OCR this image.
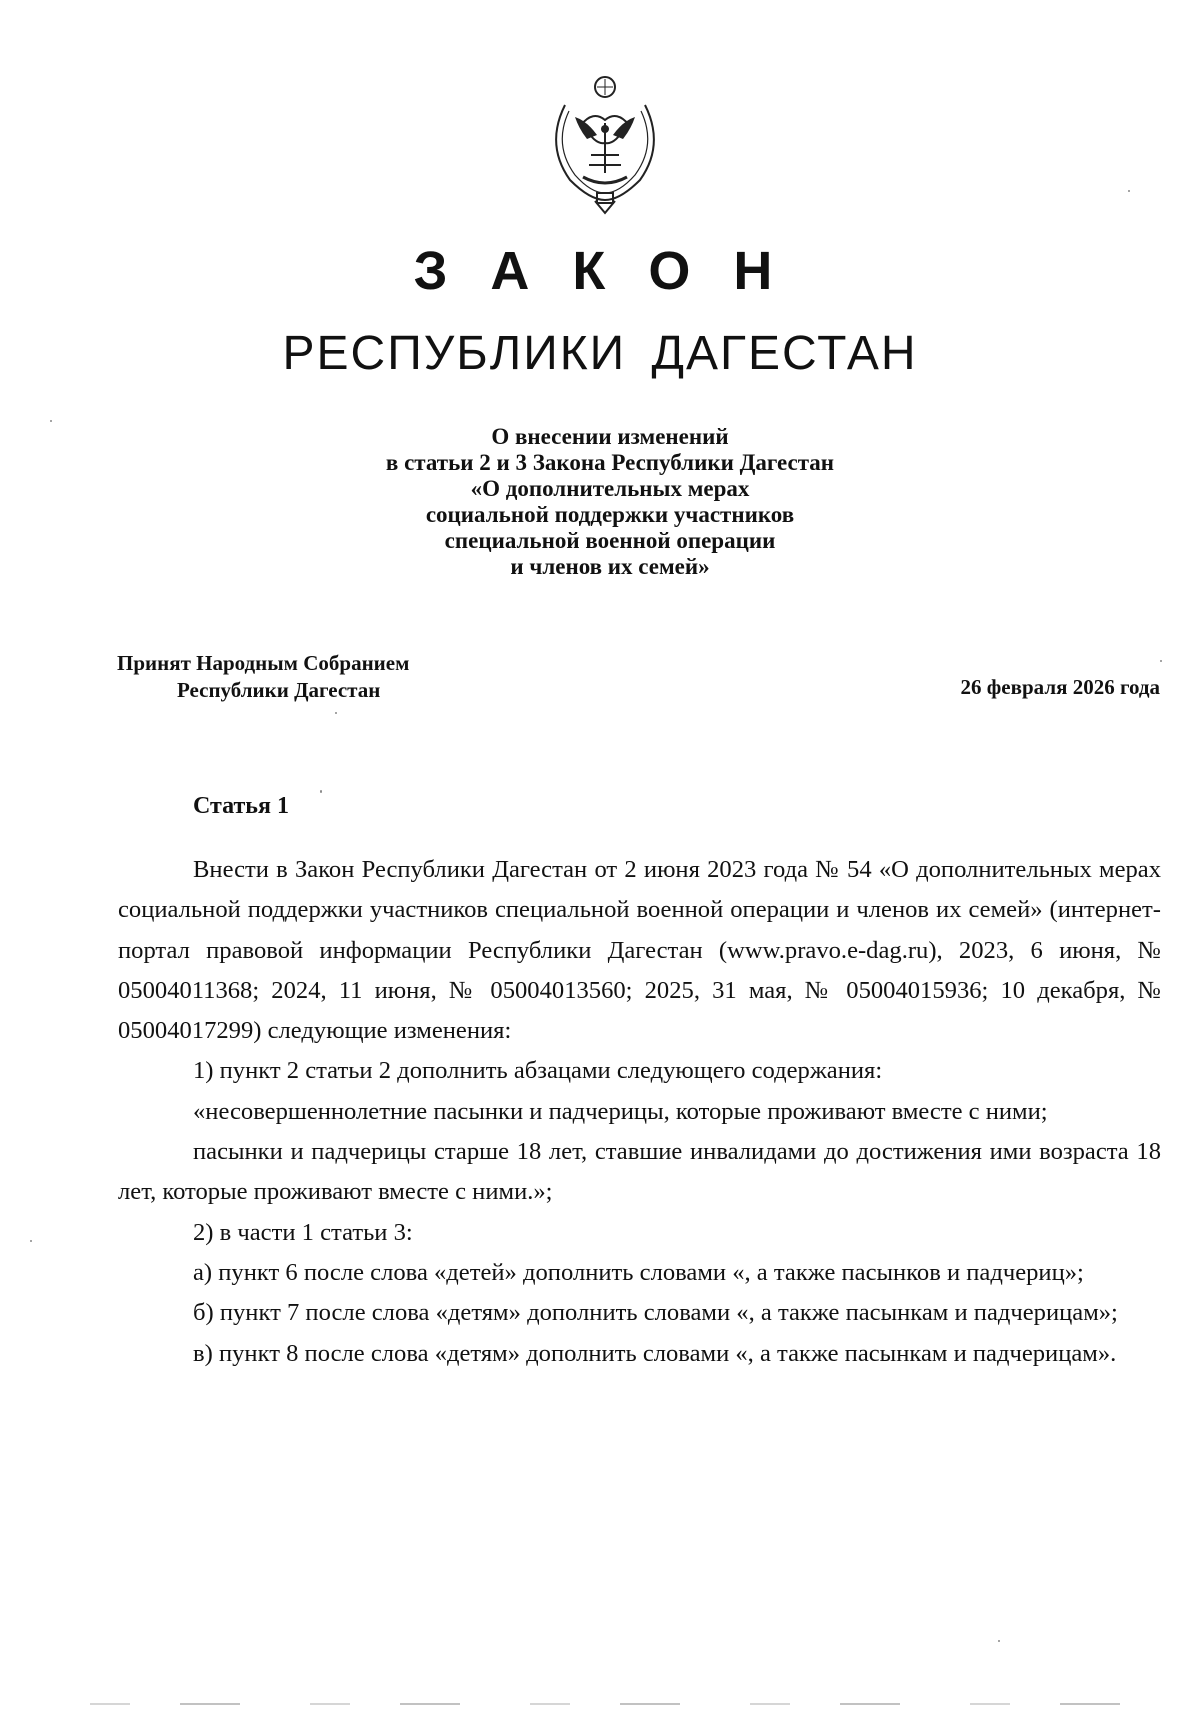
З А К О Н
РЕСПУБЛИКИ ДАГЕСТАН
О внесении изменений
в статьи 2 и 3 Закона Республики Дагестан
«О дополнительных мерах
социальной поддержки участников
специальной военной операции
и членов их семей»
Принят Народным Собранием
Республики Дагестан	26 февраля 2026 года
Статья 1

Внести в Закон Республики Дагестан от 2 июня 2023 года № 54 «О дополнительных мерах социальной поддержки участников специальной военной операции и членов их семей» (интернет-портал правовой информации Республики Дагестан (www.pravo.e-dag.ru), 2023, 6 июня, № 05004011368; 2024, 11 июня, № 05004013560; 2025, 31 мая, № 05004015936; 10 декабря, № 05004017299) следующие изменения:

1) пункт 2 статьи 2 дополнить абзацами следующего содержания:

«несовершеннолетние пасынки и падчерицы, которые проживают вместе с ними;

пасынки и падчерицы старше 18 лет, ставшие инвалидами до достижения ими возраста 18 лет, которые проживают вместе с ними.»;

2) в части 1 статьи 3:

а) пункт 6 после слова «детей» дополнить словами «, а также пасынков и падчериц»;

б) пункт 7 после слова «детям» дополнить словами «, а также пасынкам и падчерицам»;

в) пункт 8 после слова «детям» дополнить словами «, а также пасынкам и падчерицам».
